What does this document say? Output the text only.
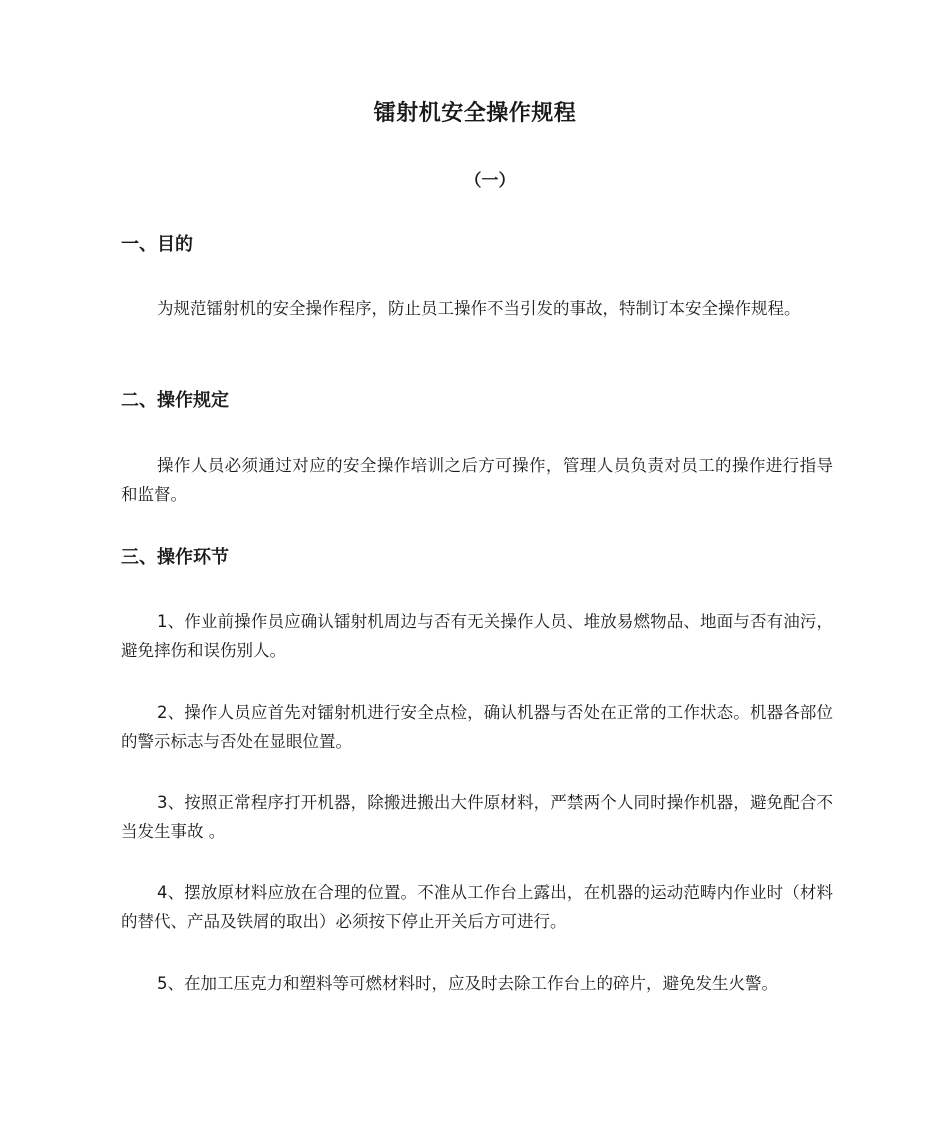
镭射机安全操作规程
（一）
一、目的
为规范镭射机的安全操作程序，防止员工操作不当引发的事故，特制订本安全操作规程。
二、操作规定
操作人员必须通过对应的安全操作培训之后方可操作，管理人员负责对员工的操作进行指导和监督。
三、操作环节
1、作业前操作员应确认镭射机周边与否有无关操作人员、堆放易燃物品、地面与否有油污，避免摔伤和误伤别人。
2、操作人员应首先对镭射机进行安全点检，确认机器与否处在正常的工作状态。机器各部位的警示标志与否处在显眼位置。
3、按照正常程序打开机器，除搬进搬出大件原材料，严禁两个人同时操作机器，避免配合不当发生事故 。
4、摆放原材料应放在合理的位置。不准从工作台上露出，在机器的运动范畴内作业时（材料的替代、产品及铁屑的取出）必须按下停止开关后方可进行。
5、在加工压克力和塑料等可燃材料时，应及时去除工作台上的碎片，避免发生火警。
